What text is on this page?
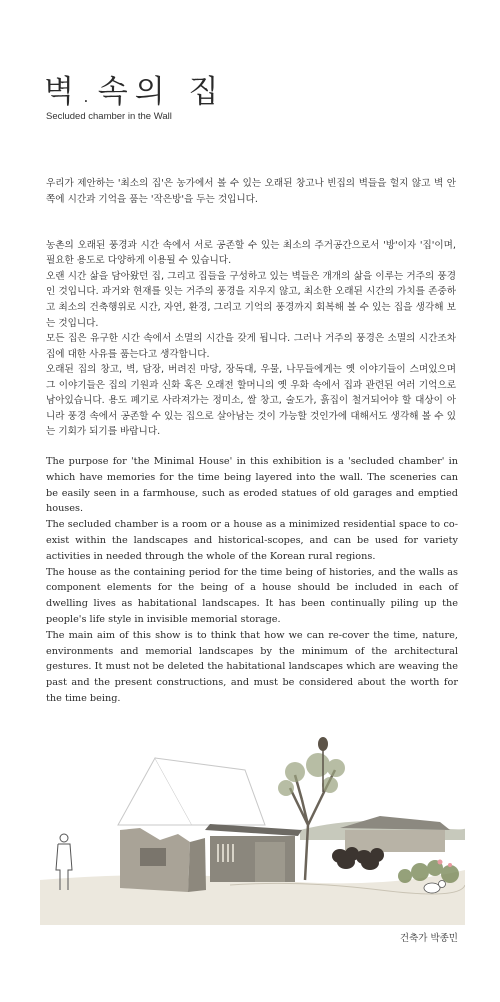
벽.속의 집
Secluded chamber in the Wall

우리가 제안하는 '최소의 집'은 농가에서 볼 수 있는 오래된 창고나 빈집의 벽들을 헐지 않고 벽 안쪽에 시간과 기억을 품는 '작은방'을 두는 것입니다.

농촌의 오래된 풍경과 시간 속에서 서로 공존할 수 있는 최소의 주거공간으로서 '방'이자 '집'이며, 필요한 용도로 다양하게 이용될 수 있습니다.
오랜 시간 삶을 담아왔던 집, 그리고 집들을 구성하고 있는 벽들은 개개의 삶을 이루는 거주의 풍경인 것입니다. 과거와 현재를 잇는 거주의 풍경을 지우지 않고, 최소한 오래된 시간의 가치를 존중하고 최소의 건축행위로 시간, 자연, 환경, 그리고 기억의 풍경까지 회복해 볼 수 있는 집을 생각해 보는 것입니다.
모든 집은 유구한 시간 속에서 소멸의 시간을 갖게 됩니다. 그러나 거주의 풍경은 소멸의 시간조차 집에 대한 사유를 품는다고 생각합니다.

오래된 집의 창고, 벽, 담장, 버려진 마당, 장독대, 우물, 나무들에게는 옛 이야기들이 스며있으며 그 이야기들은 집의 기원과 신화 혹은 오래전 할머니의 옛 우화 속에서 집과 관련된 여러 기억으로 남아있습니다. 용도 폐기로 사라져가는 정미소, 쌀 창고, 술도가, 흙집이 철거되어야 할 대상이 아니라 풍경 속에서 공존할 수 있는 집으로 살아남는 것이 가능할 것인가에 대해서도 생각해 볼 수 있는 기회가 되기를 바랍니다.

The purpose for 'the Minimal House' in this exhibition is a 'secluded chamber' in which have memories for the time being layered into the wall. The sceneries can be easily seen in a farmhouse, such as eroded statues of old garages and emptied houses.

The secluded chamber is a room or a house as a minimized residential space to co-exist within the landscapes and historical-scopes, and can be used for variety activities in needed through the whole of the Korean rural regions.

The house as the containing period for the time being of histories, and the walls as component elements for the being of a house should be included in each of dwelling lives as habitational landscapes. It has been continually piling up the people's life style in invisible memorial storage.

The main aim of this show is to think that how we can re-cover the time, nature, environments and memorial landscapes by the minimum of the architectural gestures. It must not be deleted the habitational landscapes which are weaving the past and the present constructions, and must be considered about the worth for the time being.

건축가 박종민
